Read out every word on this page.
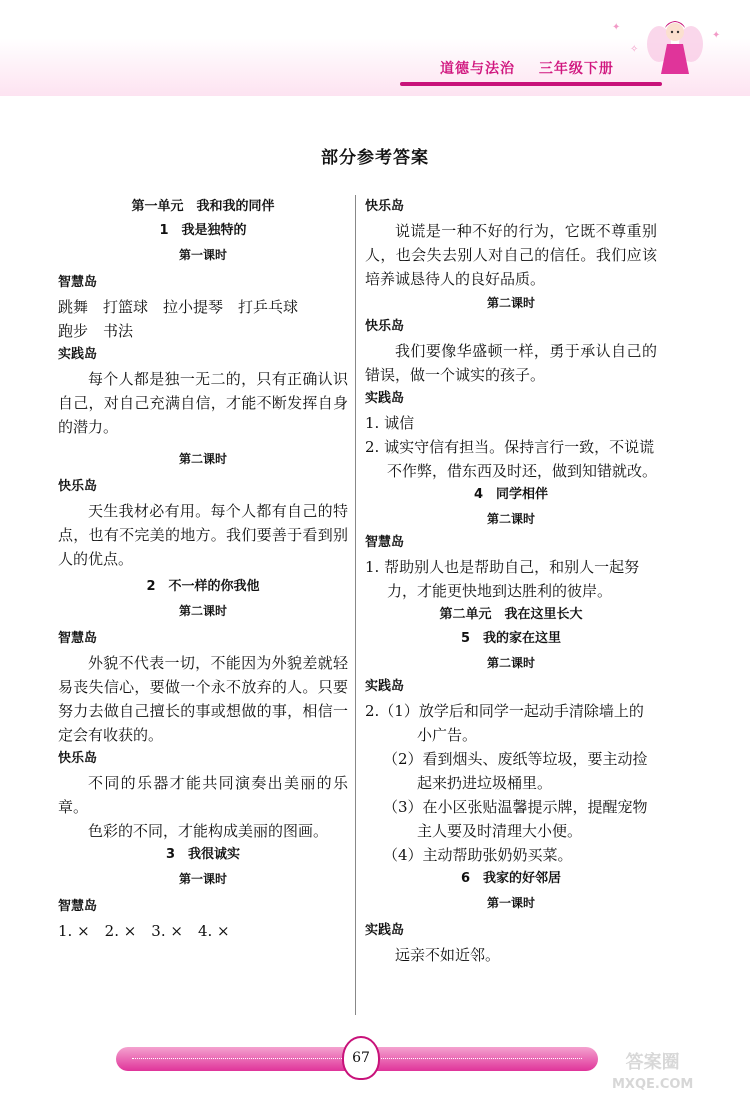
道德与法治 三年级下册
✦
✧
✦
部分参考答案

第一单元　我和我的同伴

1　我是独特的

第一课时

智慧岛

跳舞　打篮球　拉小提琴　打乒乓球

跑步　书法

实践岛

每个人都是独一无二的，只有正确认识自己，对自己充满自信，才能不断发挥自身的潜力。

第二课时

快乐岛

天生我材必有用。每个人都有自己的特点，也有不完美的地方。我们要善于看到别人的优点。

2　不一样的你我他

第二课时

智慧岛

外貌不代表一切，不能因为外貌差就轻易丧失信心，要做一个永不放弃的人。只要努力去做自己擅长的事或想做的事，相信一定会有收获的。

快乐岛

不同的乐器才能共同演奏出美丽的乐章。

色彩的不同，才能构成美丽的图画。

3　我很诚实

第一课时

智慧岛

1. ×　2. ×　3. ×　4. ×

快乐岛

说谎是一种不好的行为，它既不尊重别人，也会失去别人对自己的信任。我们应该培养诚恳待人的良好品质。

第二课时

快乐岛

我们要像华盛顿一样，勇于承认自己的错误，做一个诚实的孩子。

实践岛

1. 诚信

2. 诚实守信有担当。保持言行一致，不说谎不作弊，借东西及时还，做到知错就改。

4　同学相伴

第二课时

智慧岛

1. 帮助别人也是帮助自己，和别人一起努力，才能更快地到达胜利的彼岸。

第二单元　我在这里长大

5　我的家在这里

第二课时

实践岛

2.（1）放学后和同学一起动手清除墙上的小广告。

（2）看到烟头、废纸等垃圾，要主动捡起来扔进垃圾桶里。

（3）在小区张贴温馨提示牌，提醒宠物主人要及时清理大小便。

（4）主动帮助张奶奶买菜。

6　我家的好邻居

第一课时

实践岛

远亲不如近邻。

67	答案圈
MXQE.COM
